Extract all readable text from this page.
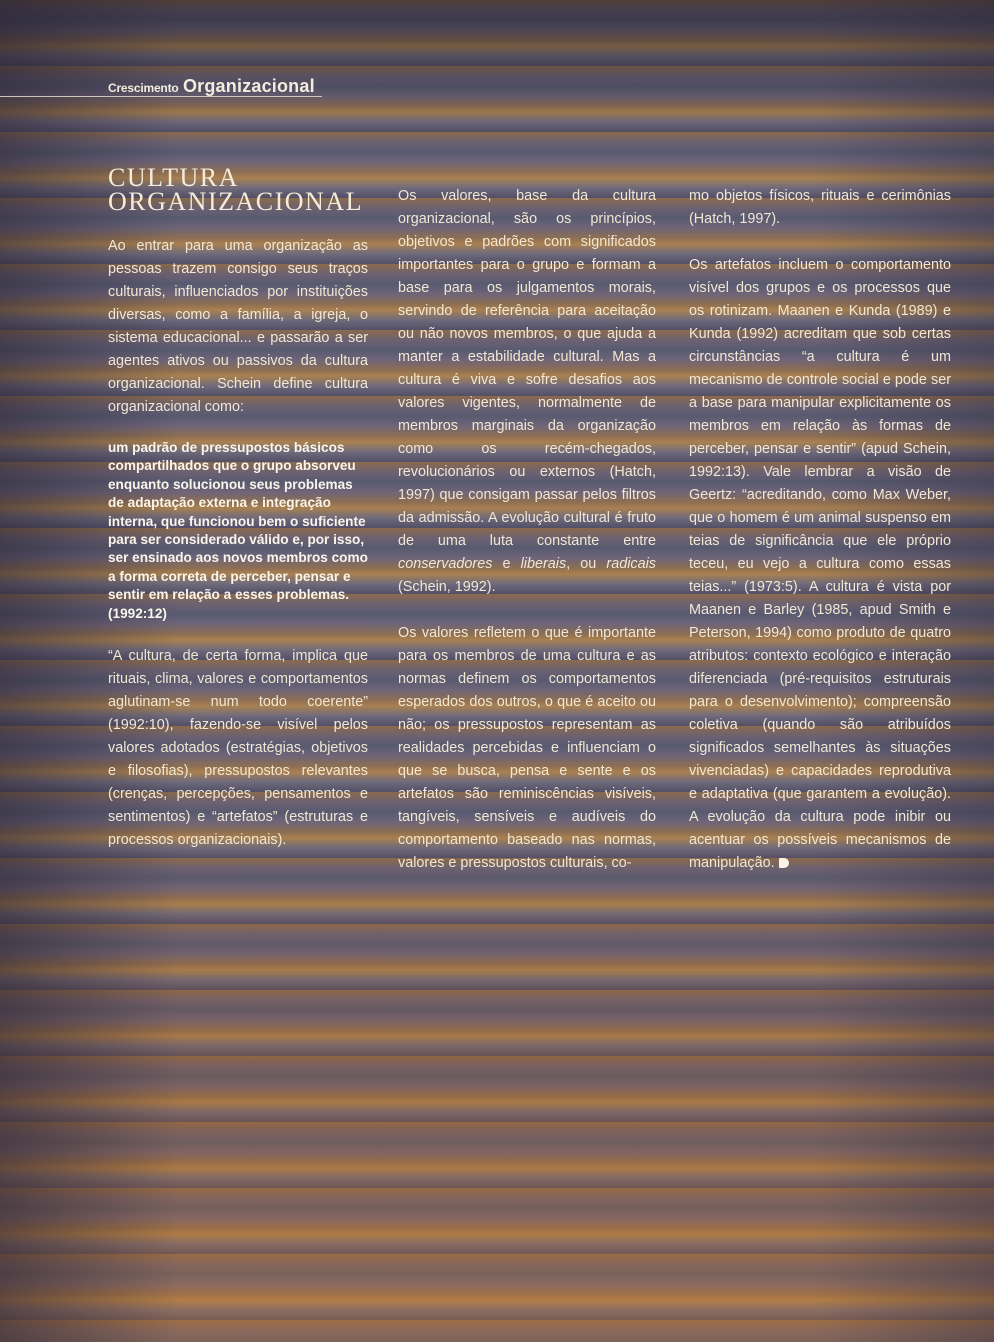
Crescimento Organizacional
CULTURA
ORGANIZACIONAL

Ao entrar para uma organização as pessoas trazem consigo seus traços culturais, influenciados por instituições diversas, como a família, a igreja, o sistema educacional... e passarão a ser agentes ativos ou passivos da cultura organizacional. Schein define cultura organizacional como:

um padrão de pressupostos básicos compartilhados que o grupo absorveu enquanto solucionou seus problemas de adaptação externa e integração interna, que funcionou bem o suficiente para ser considerado válido e, por isso, ser ensinado aos novos membros como a forma correta de perceber, pensar e sentir em relação a esses problemas. (1992:12)

“A cultura, de certa forma, implica que rituais, clima, valores e comportamentos aglutinam-se num todo coerente” (1992:10), fazendo-se visível pelos valores adotados (estratégias, objetivos e filosofias), pressupostos relevantes (crenças, percepções, pensamentos e sentimentos) e “artefatos” (estruturas e processos organizacionais).

Os valores, base da cultura organizacional, são os princípios, objetivos e padrões com significados importantes para o grupo e formam a base para os julgamentos morais, servindo de referência para aceitação ou não novos membros, o que ajuda a manter a estabilidade cultural. Mas a cultura é viva e sofre desafios aos valores vigentes, normalmente de membros marginais da organização como os recém-chegados, revolucionários ou externos (Hatch, 1997) que consigam passar pelos filtros da admissão. A evolução cultural é fruto de uma luta constante entre conservadores e liberais, ou radicais (Schein, 1992).

Os valores refletem o que é importante para os membros de uma cultura e as normas definem os comportamentos esperados dos outros, o que é aceito ou não; os pressupostos representam as realidades percebidas e influenciam o que se busca, pensa e sente e os artefatos são reminiscências visíveis, tangíveis, sensíveis e audíveis do comportamento baseado nas normas, valores e pressupostos culturais, co-

mo objetos físicos, rituais e cerimônias (Hatch, 1997).

Os artefatos incluem o comportamento visível dos grupos e os processos que os rotinizam. Maanen e Kunda (1989) e Kunda (1992) acreditam que sob certas circunstâncias “a cultura é um mecanismo de controle social e pode ser a base para manipular explicitamente os membros em relação às formas de perceber, pensar e sentir” (apud Schein, 1992:13). Vale lembrar a visão de Geertz: “acreditando, como Max Weber, que o homem é um animal suspenso em teias de significância que ele próprio teceu, eu vejo a cultura como essas teias...” (1973:5). A cultura é vista por Maanen e Barley (1985, apud Smith e Peterson, 1994) como produto de quatro atributos: contexto ecológico e interação diferenciada (pré-requisitos estruturais para o desenvolvimento); compreensão coletiva (quando são atribuídos significados semelhantes às situações vivenciadas) e capacidades reprodutiva e adaptativa (que garantem a evolução). A evolução da cultura pode inibir ou acentuar os possíveis mecanismos de manipulação.
